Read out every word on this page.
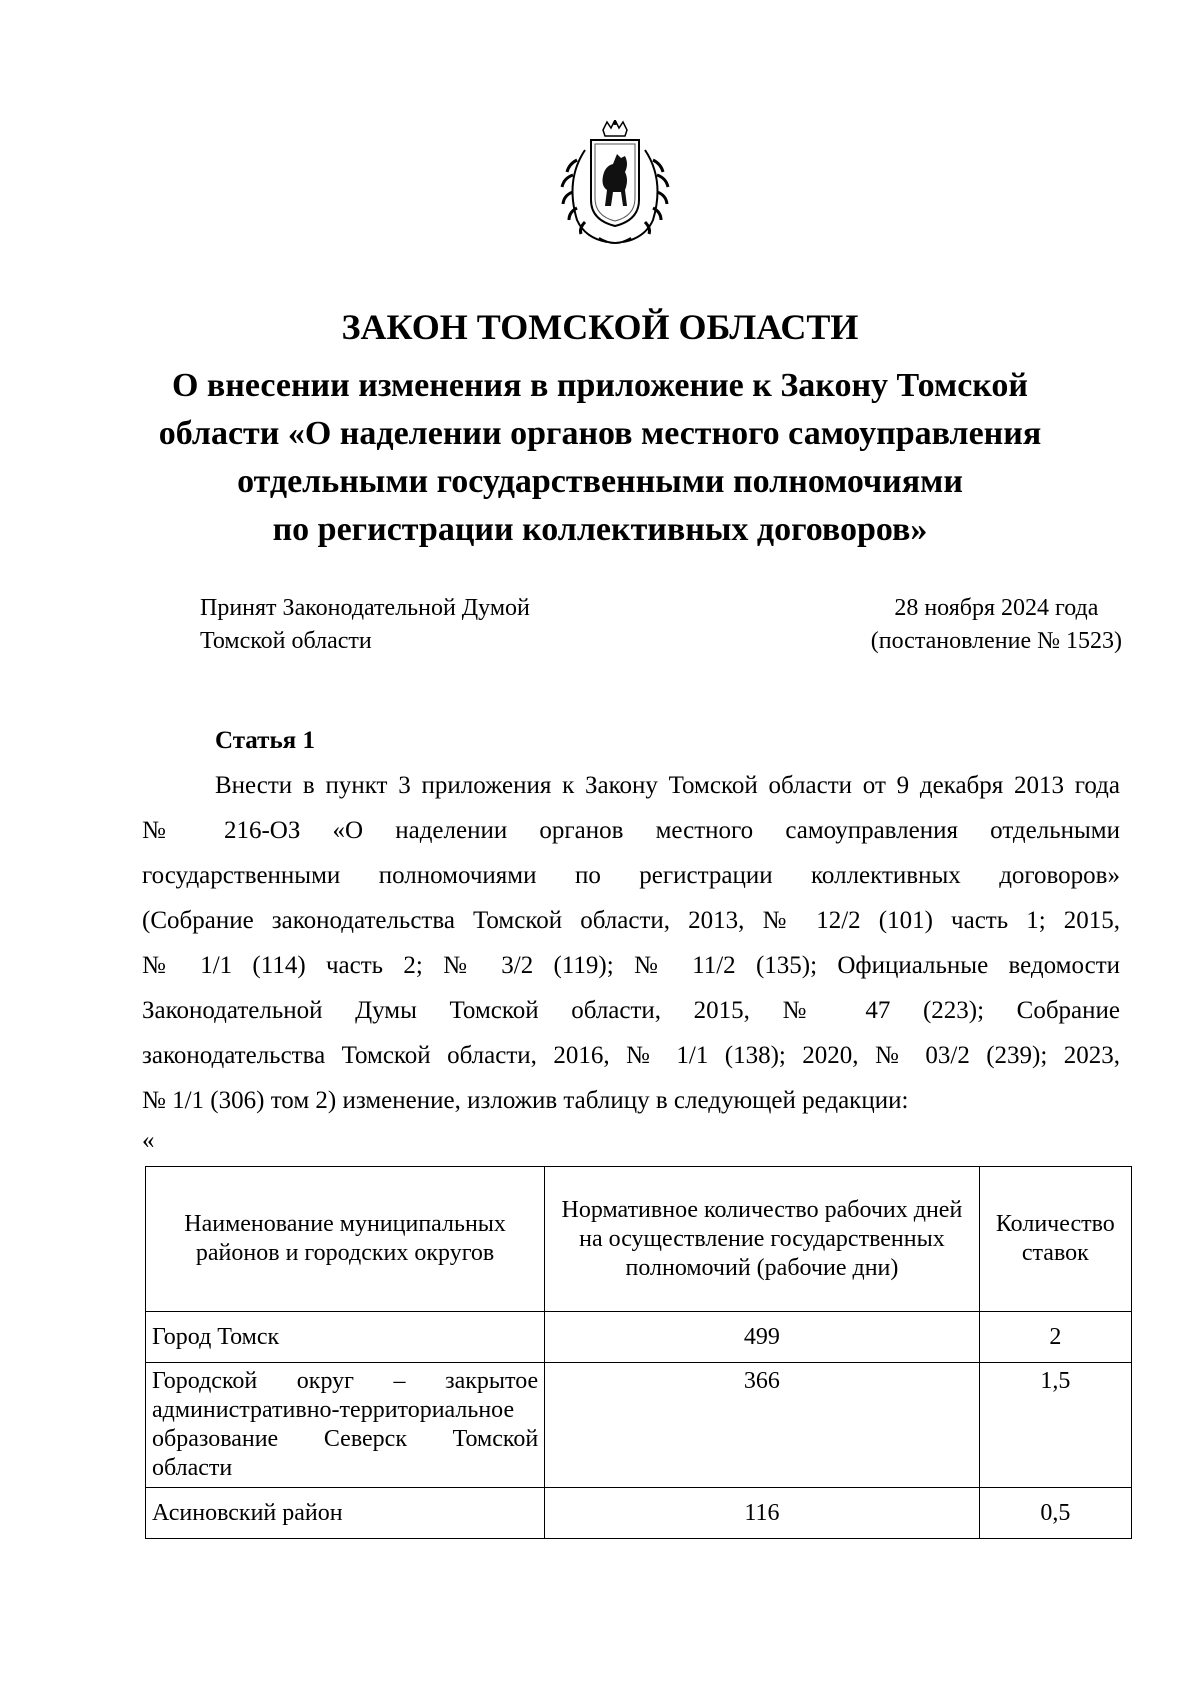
ЗАКОН ТОМСКОЙ ОБЛАСТИ
О внесении изменения в приложение к Закону Томской
области «О наделении органов местного самоуправления
отдельными государственными полномочиями
по регистрации коллективных договоров»
Принят Законодательной Думой
Томской области
28 ноября 2024 года
(постановление № 1523)
Статья 1
Внести в пункт 3 приложения к Закону Томской области от 9 декабря 2013 года
№ 216-ОЗ «О наделении органов местного самоуправления отдельными
государственными полномочиями по регистрации коллективных договоров»
(Собрание законодательства Томской области, 2013, № 12/2 (101) часть 1; 2015,
№ 1/1 (114) часть 2; № 3/2 (119); № 11/2 (135); Официальные ведомости
Законодательной Думы Томской области, 2015, № 47 (223); Собрание
законодательства Томской области, 2016, № 1/1 (138); 2020, № 03/2 (239); 2023,
№ 1/1 (306) том 2) изменение, изложив таблицу в следующей редакции:
«
Наименование муниципальных районов и городских округов	Нормативное количество рабочих дней на осуществление государственных полномочий (рабочие дни)	Количество ставок
Город Томск	499	2
Городской округ – закрытое административно-территориальное образование Северск Томской области	366	1,5
Асиновский район	116	0,5
